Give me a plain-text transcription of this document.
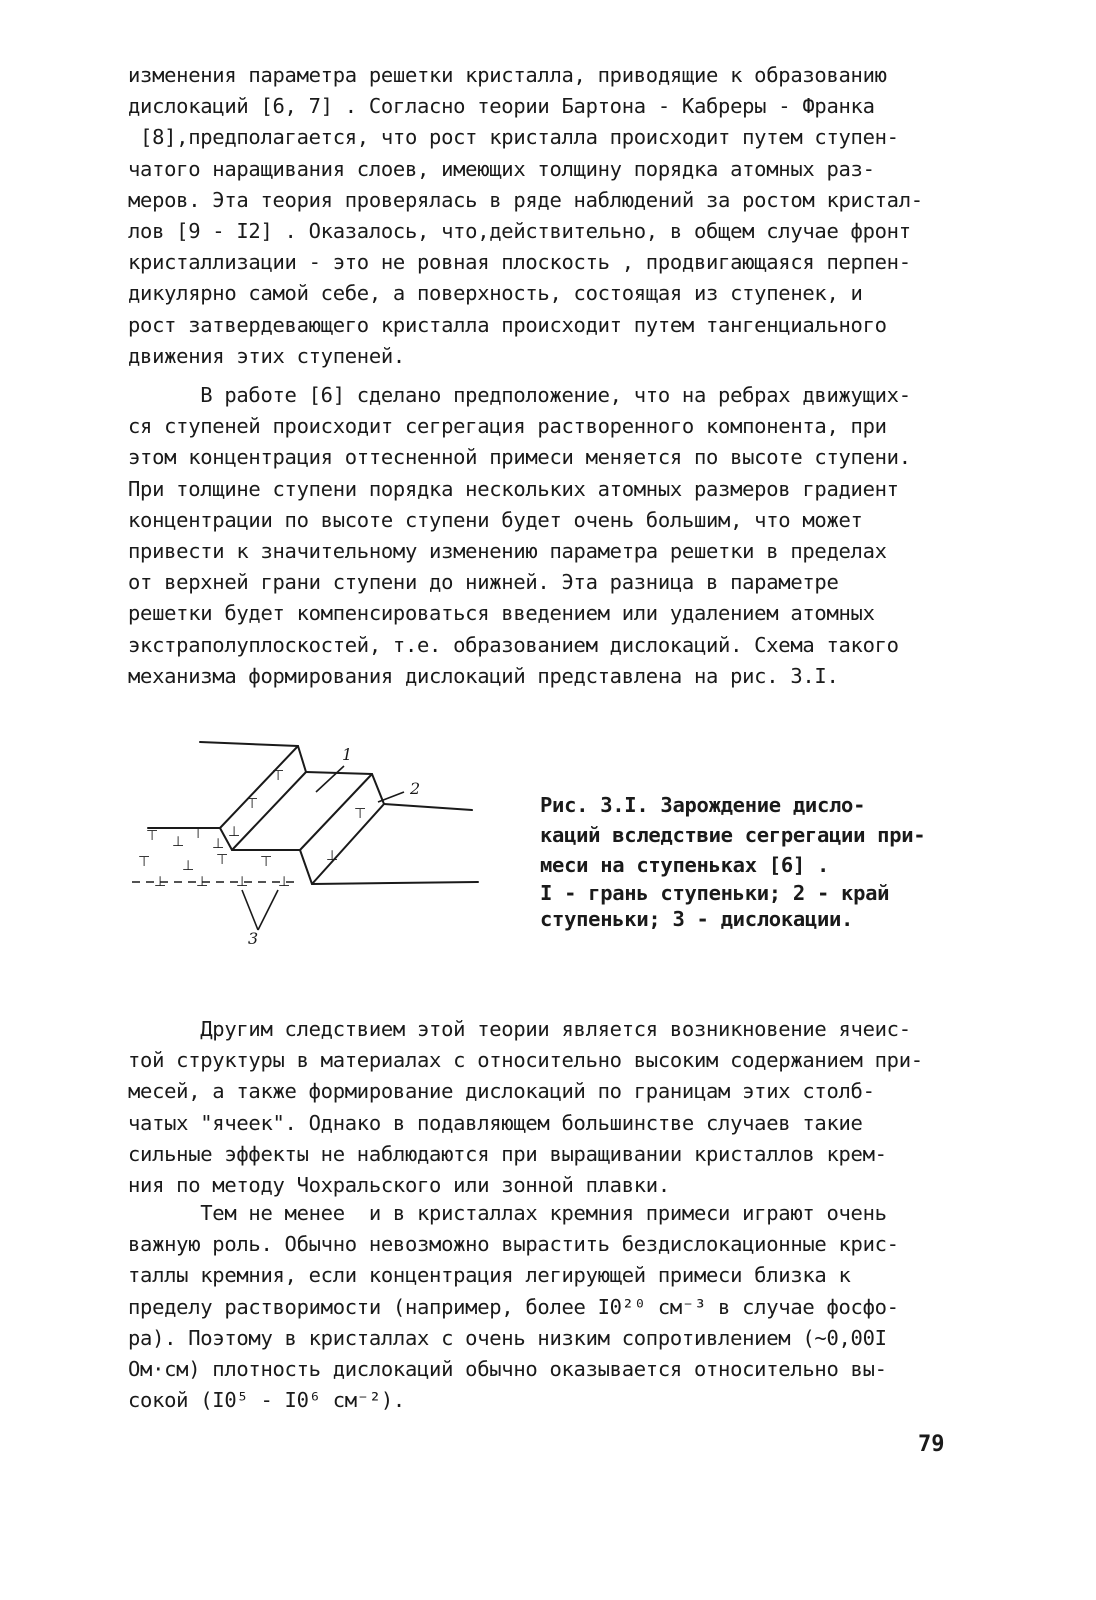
изменения параметра решетки кристалла, приводящие к образованию
дислокаций [6, 7] . Согласно теории Бартона - Кабреры - Франка
[8],предполагается, что рост кристалла происходит путем ступен-
чатого наращивания слоев, имеющих толщину порядка атомных раз-
меров. Эта теория проверялась в ряде наблюдений за ростом кристал-
лов [9 - I2] . Оказалось, что,действительно, в общем случае фронт
кристаллизации - это не ровная плоскость , продвигающаяся перпен-
дикулярно самой себе, а поверхность, состоящая из ступенек, и
рост затвердевающего кристалла происходит путем тангенциального
движения этих ступеней.
В работе [6] сделано предположение, что на ребрах движущих-
ся ступеней происходит сегрегация растворенного компонента, при
этом концентрация оттесненной примеси меняется по высоте ступени.
При толщине ступени порядка нескольких атомных размеров градиент
концентрации по высоте ступени будет очень большим, что может
привести к значительному изменению параметра решетки в пределах
от верхней грани ступени до нижней. Эта разница в параметре
решетки будет компенсироваться введением или удалением атомных
экстраполуплоскостей, т.е. образованием дислокаций. Схема такого
механизма формирования дислокаций представлена на рис. 3.I.
⊤
⊤
⊥
⊤
⊥
⊤ ⊥ ⊤
⊥
⊤ ⊥ ⊤ ⊤
⊥ ⊥ ⊥ ⊥
1
2
3
Рис. 3.I. Зарождение дисло-
каций вследствие сегрегации при-
меси на ступеньках [6] .
I - грань ступеньки; 2 - край
ступеньки; 3 - дислокации.
Другим следствием этой теории является возникновение ячеис-
той структуры в материалах с относительно высоким содержанием при-
месей, а также формирование дислокаций по границам этих столб-
чатых "ячеек". Однако в подавляющем большинстве случаев такие
сильные эффекты не наблюдаются при выращивании кристаллов крем-
ния по методу Чохральского или зонной плавки.
Тем не менее  и в кристаллах кремния примеси играют очень
важную роль. Обычно невозможно вырастить бездислокационные крис-
таллы кремния, если концентрация легирующей примеси близка к
пределу растворимости (например, более I0²⁰ см⁻³ в случае фосфо-
ра). Поэтому в кристаллах с очень низким сопротивлением (~0,00I
Ом·см) плотность дислокаций обычно оказывается относительно вы-
сокой (I0⁵ - I0⁶ см⁻²).
79
